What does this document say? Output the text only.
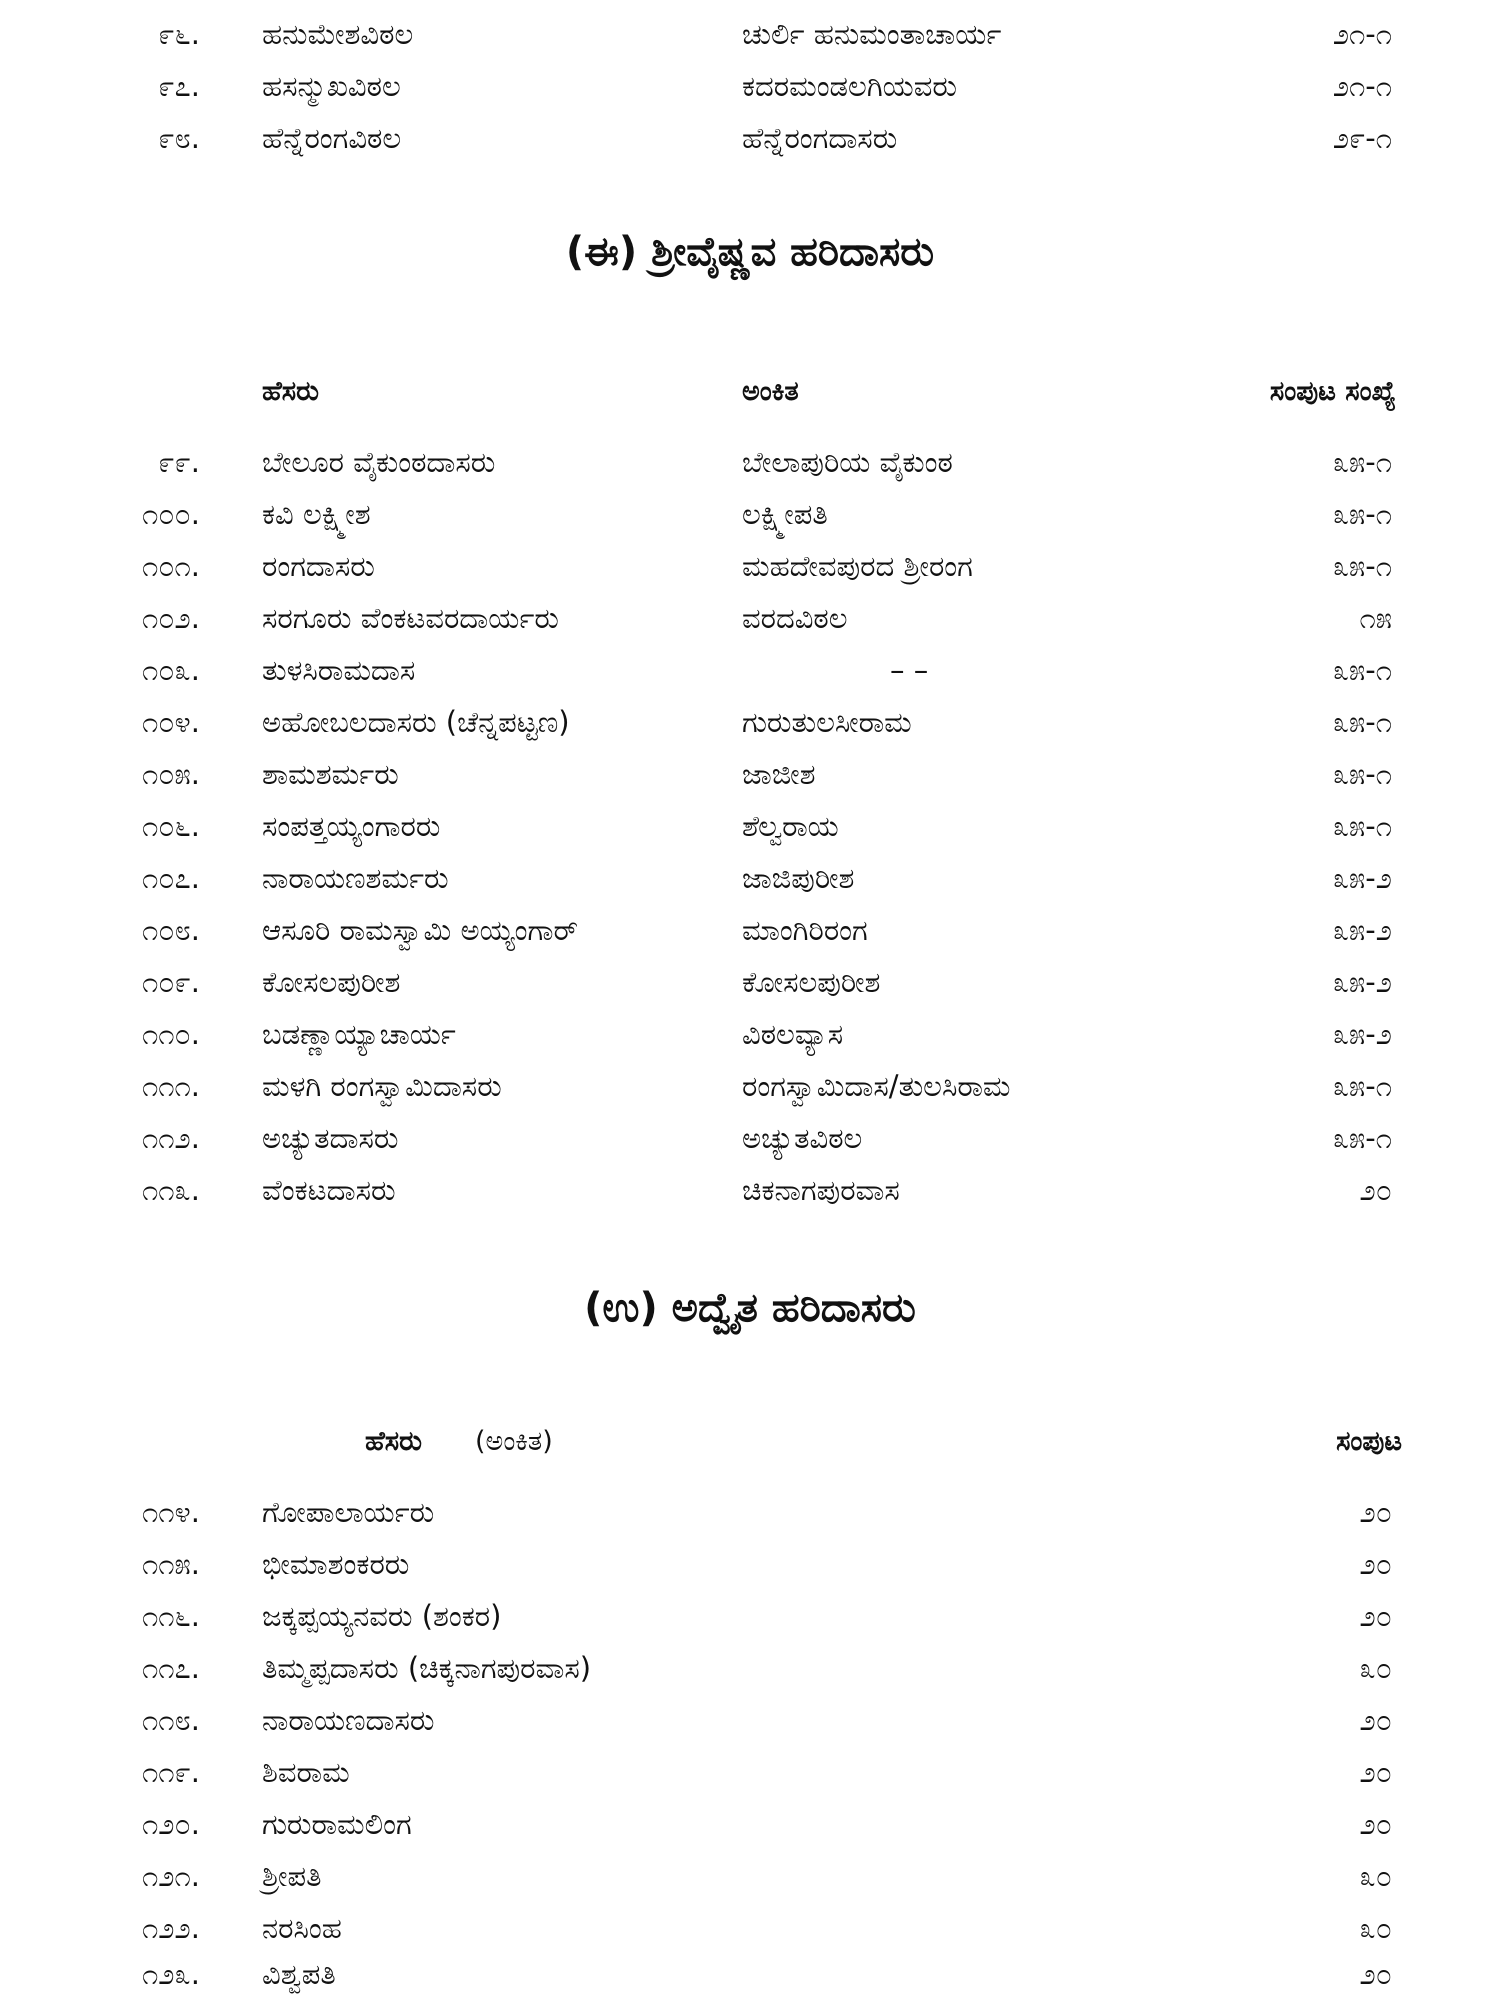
೯೬. ಹನುಮೇಶವಿಠಲ	ಚುರ್ಲಿ ಹನುಮಂತಾಚಾರ್ಯ	೨೧-೧
೯೭. ಹಸನ್ಮುಖವಿಠಲ	ಕದರಮಂಡಲಗಿಯವರು	೨೧-೧
೯೮. ಹೆನ್ನೆರಂಗವಿಠಲ	ಹೆನ್ನೆರಂಗದಾಸರು	೨೯-೧
(ಈ) ಶ್ರೀವೈಷ್ಣವ ಹರಿದಾಸರು
ಹೆಸರು	ಅಂಕಿತ	ಸಂಪುಟ ಸಂಖ್ಯೆ
೯೯. ಬೇಲೂರ ವೈಕುಂಠದಾಸರು	ಬೇಲಾಪುರಿಯ ವೈಕುಂಠ	೩೫-೧
೧೦೦. ಕವಿ ಲಕ್ಷ್ಮೀಶ	ಲಕ್ಷ್ಮೀಪತಿ	೩೫-೧
೧೦೧. ರಂಗದಾಸರು	ಮಹದೇವಪುರದ ಶ್ರೀರಂಗ	೩೫-೧
೧೦೨. ಸರಗೂರು ವೆಂಕಟವರದಾರ್ಯರು	ವರದವಿಠಲ	೧೫
೧೦೩. ತುಳಸಿರಾಮದಾಸ	– –	೩೫-೧
೧೦೪. ಅಹೋಬಲದಾಸರು (ಚೆನ್ನಪಟ್ಟಣ)	ಗುರುತುಲಸೀರಾಮ	೩೫-೧
೧೦೫. ಶಾಮಶರ್ಮರು	ಜಾಜೀಶ	೩೫-೧
೧೦೬. ಸಂಪತ್ತಯ್ಯಂಗಾರರು	ಶೆಲ್ವರಾಯ	೩೫-೧
೧೦೭. ನಾರಾಯಣಶರ್ಮರು	ಜಾಜಿಪುರೀಶ	೩೫-೨
೧೦೮. ಆಸೂರಿ ರಾಮಸ್ವಾಮಿ ಅಯ್ಯಂಗಾರ್	ಮಾಂಗಿರಿರಂಗ	೩೫-೨
೧೦೯. ಕೋಸಲಪುರೀಶ	ಕೋಸಲಪುರೀಶ	೩೫-೨
೧೧೦. ಬಡಣ್ಣಾಯ್ಯಾಚಾರ್ಯ	ವಿಠಲವ್ಯಾಸ	೩೫-೨
೧೧೧. ಮಳಗಿ ರಂಗಸ್ವಾಮಿದಾಸರು	ರಂಗಸ್ವಾಮಿದಾಸ/ತುಲಸಿರಾಮ	೩೫-೧
೧೧೨. ಅಚ್ಯುತದಾಸರು	ಅಚ್ಯುತವಿಠಲ	೩೫-೧
೧೧೩. ವೆಂಕಟದಾಸರು	ಚಿಕನಾಗಪುರವಾಸ	೨೦
(ಉ) ಅದ್ವೈತ ಹರಿದಾಸರು
ಹೆಸರು (ಅಂಕಿತ)	ಸಂಪುಟ
೧೧೪. ಗೋಪಾಲಾರ್ಯರು	೨೦
೧೧೫. ಭೀಮಾಶಂಕರರು	೨೦
೧೧೬. ಜಕ್ಕಪ್ಪಯ್ಯನವರು (ಶಂಕರ)	೨೦
೧೧೭. ತಿಮ್ಮಪ್ಪದಾಸರು (ಚಿಕ್ಕನಾಗಪುರವಾಸ)	೩೦
೧೧೮. ನಾರಾಯಣದಾಸರು	೨೦
೧೧೯. ಶಿವರಾಮ	೨೦
೧೨೦. ಗುರುರಾಮಲಿಂಗ	೨೦
೧೨೧. ಶ್ರೀಪತಿ	೩೦
೧೨೨. ನರಸಿಂಹ	೩೦
೧೨೩. ವಿಶ್ವಪತಿ	೨೦
